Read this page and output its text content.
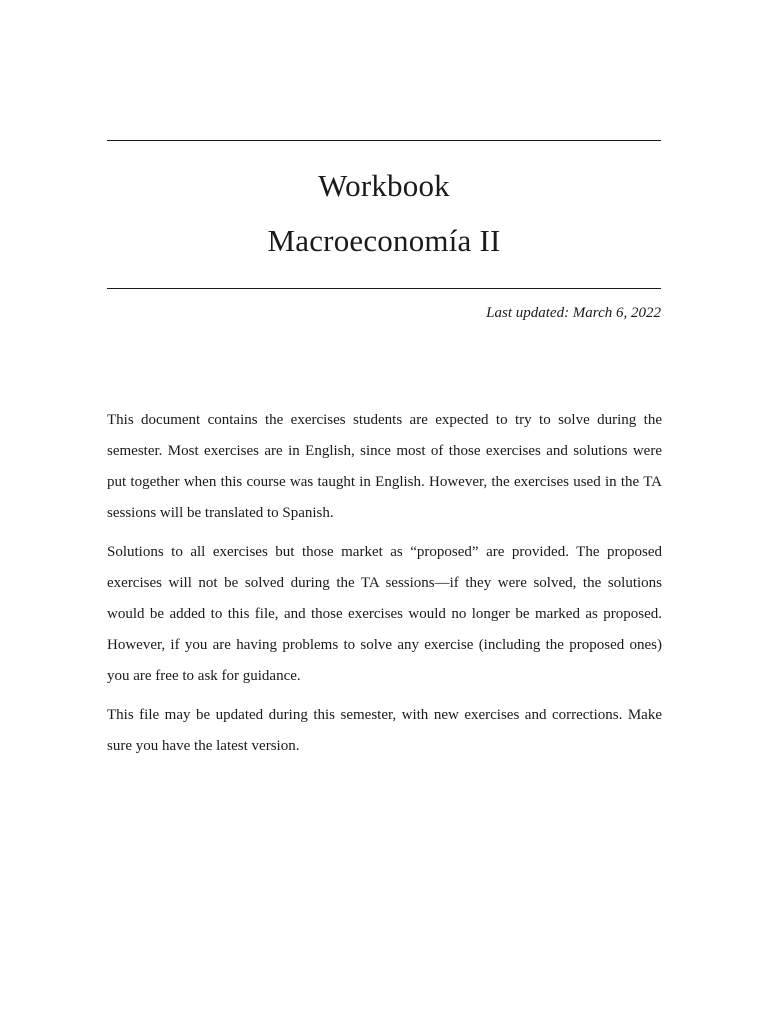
Workbook
Macroeconomía II
Last updated: March 6, 2022

This document contains the exercises students are expected to try to solve during the semester. Most exercises are in English, since most of those exercises and solutions were put together when this course was taught in English. However, the exercises used in the TA sessions will be translated to Spanish.

Solutions to all exercises but those market as “proposed” are provided. The proposed exercises will not be solved during the TA sessions—if they were solved, the solutions would be added to this file, and those exercises would no longer be marked as proposed. However, if you are having problems to solve any exercise (including the proposed ones) you are free to ask for guidance.

This file may be updated during this semester, with new exercises and corrections. Make sure you have the latest version.
